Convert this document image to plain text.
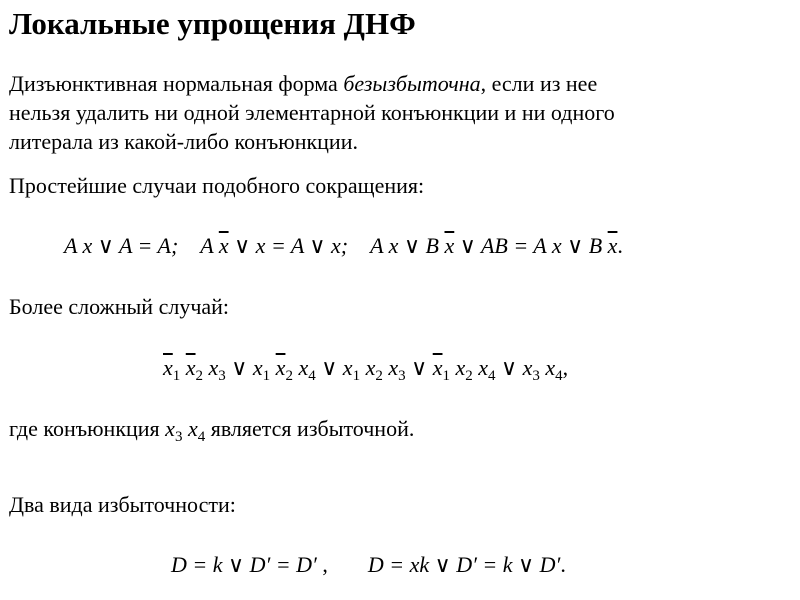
Локальные упрощения ДНФ
Дизъюнктивная нормальная форма безызбыточна, если из нее
нельзя удалить ни одной элементарной конъюнкции и ни одного
литерала из какой-либо конъюнкции.
Простейшие случаи подобного сокращения:
A x ∨ A = A; A $\overline{x}$ ∨ x = A ∨ x; A x ∨ B $\overline{x}$ ∨ AB = A x ∨ B $\overline{x}$.
Более сложный случай:
$\overline{x}_1$ $\overline{x}_2$ $x_3$ ∨ $x_1$ $\overline{x}_2$ $x_4$ ∨ $x_1$ $x_2$ $x_3$ ∨ $\overline{x}_1$ $x_2$ $x_4$ ∨ $x_3$ $x_4$,
где конъюнкция $x_3$ $x_4$ является избыточной.
Два вида избыточности:
D = k ∨ D′ = D′ , D = xk ∨ D′ = k ∨ D′.
